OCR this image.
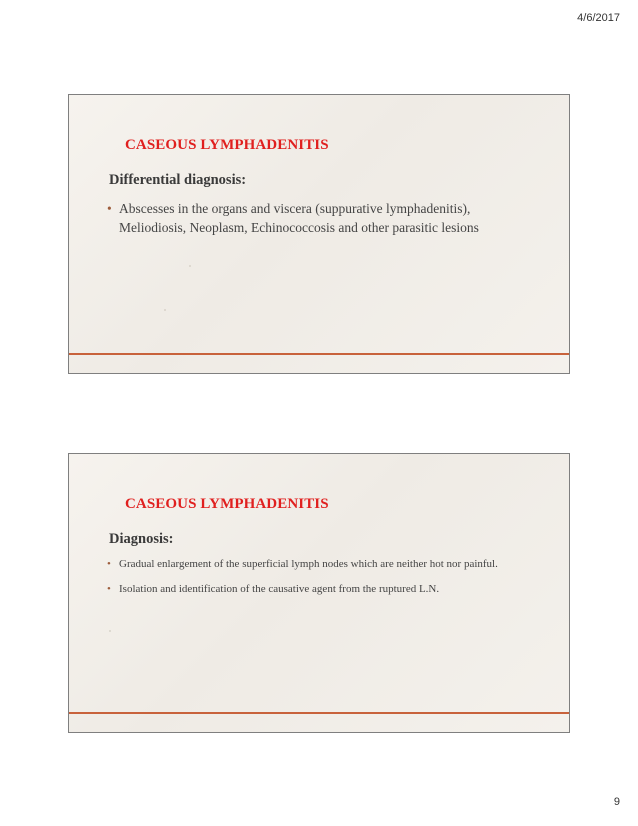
4/6/2017
CASEOUS LYMPHADENITIS
Differential diagnosis:
• Abscesses in the organs and viscera (suppurative lymphadenitis), Meliodiosis, Neoplasm, Echinococcosis and other parasitic lesions
CASEOUS LYMPHADENITIS
Diagnosis:
• Gradual enlargement of the superficial lymph nodes which are neither hot nor painful.
• Isolation and identification of the causative agent from the ruptured L.N.
9
